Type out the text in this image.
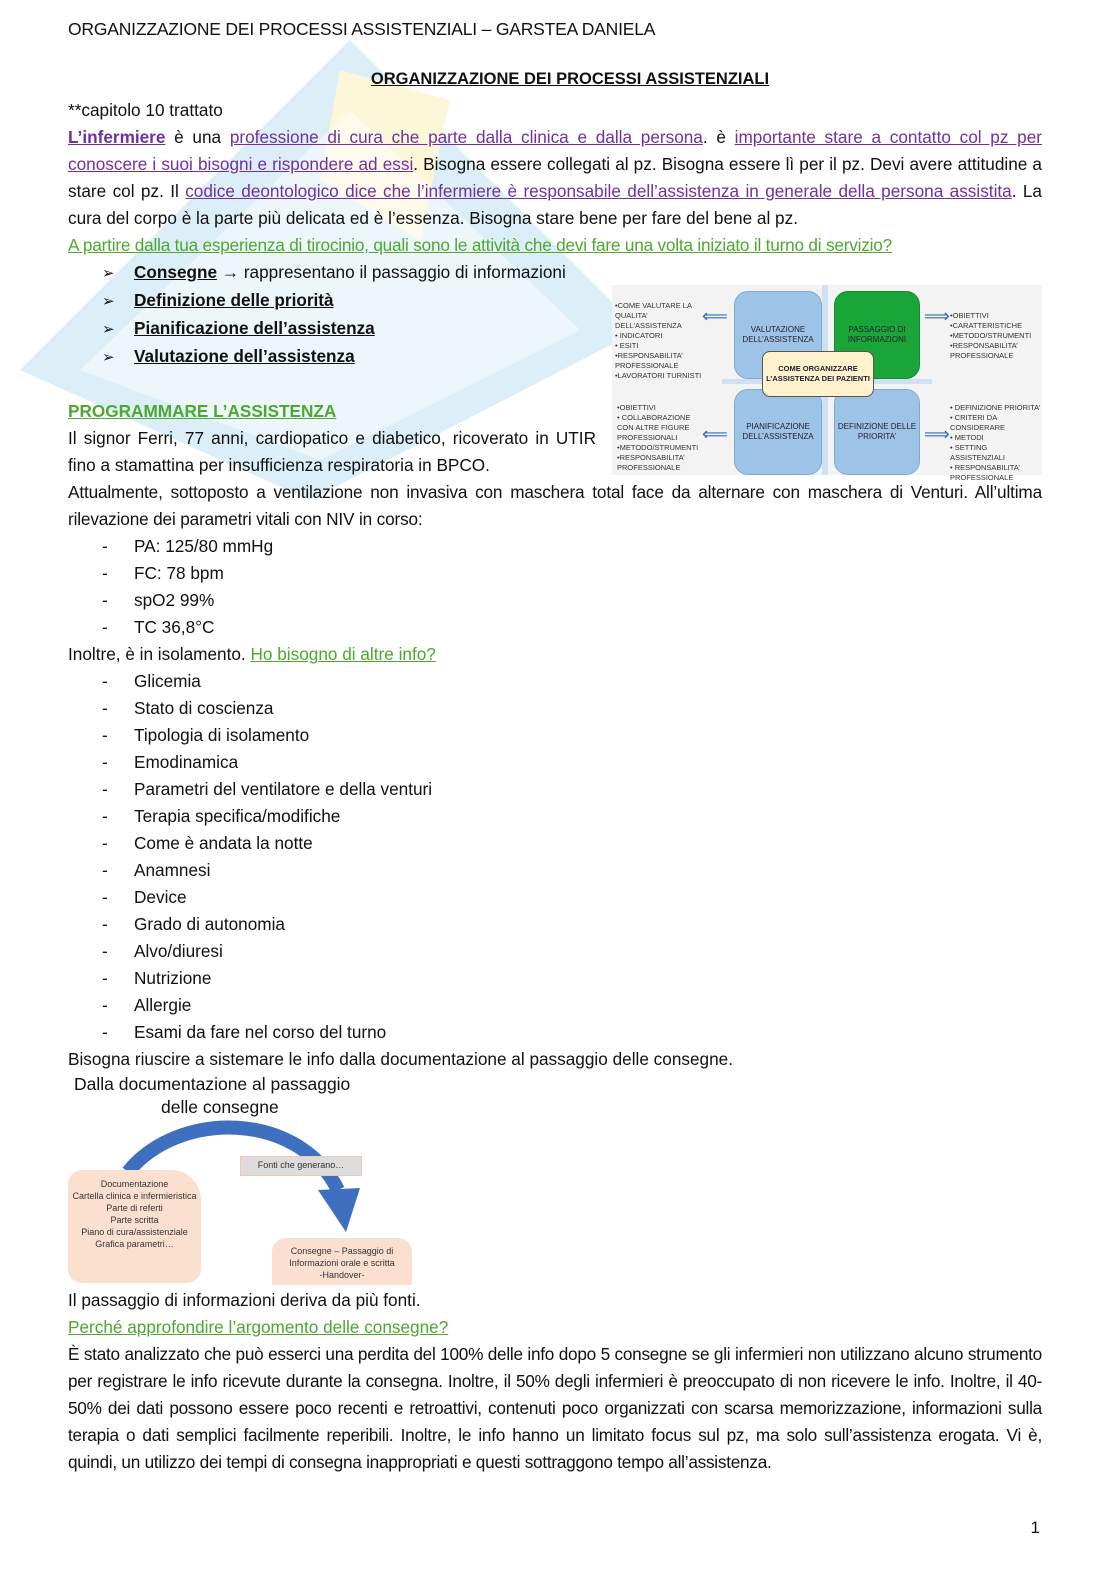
ORGANIZZAZIONE DEI PROCESSI ASSISTENZIALI – GARSTEA DANIELA
ORGANIZZAZIONE DEI PROCESSI ASSISTENZIALI

**capitolo 10 trattato

L’infermiere è una professione di cura che parte dalla clinica e dalla persona. è importante stare a contatto col pz per conoscere i suoi bisogni e rispondere ad essi. Bisogna essere collegati al pz. Bisogna essere lì per il pz. Devi avere attitudine a stare col pz. Il codice deontologico dice che l’infermiere è responsabile dell’assistenza in generale della persona assistita. La cura del corpo è la parte più delicata ed è l’essenza. Bisogna stare bene per fare del bene al pz.

A partire dalla tua esperienza di tirocinio, quali sono le attività che devi fare una volta iniziato il turno di servizio?

➢	Consegne → rappresentano il passaggio di informazioni
➢	Definizione delle priorità
➢	Pianificazione dell’assistenza
➢	Valutazione dell’assistenza

PROGRAMMARE L’ASSISTENZA

Il signor Ferri, 77 anni, cardiopatico e diabetico, ricoverato in UTIR fino a stamattina per insufficienza respiratoria in BPCO.

Attualmente, sottoposto a ventilazione non invasiva con maschera total face da alternare con maschera di Venturi. All’ultima rilevazione dei parametri vitali con NIV in corso:

-	PA: 125/80 mmHg
-	FC: 78 bpm
-	spO2 99%
-	TC 36,8°C

Inoltre, è in isolamento. Ho bisogno di altre info?

-	Glicemia
-	Stato di coscienza
-	Tipologia di isolamento
-	Emodinamica
-	Parametri del ventilatore e della venturi
-	Terapia specifica/modifiche
-	Come è andata la notte
-	Anamnesi
-	Device
-	Grado di autonomia
-	Alvo/diuresi
-	Nutrizione
-	Allergie
-	Esami da fare nel corso del turno

Bisogna riuscire a sistemare le info dalla documentazione al passaggio delle consegne.

Dalla documentazione al passaggio
delle consegne
VALUTAZIONE DELL’ASSISTENZA
PASSAGGIO DI INFORMAZIONI
PIANIFICAZIONE DELL’ASSISTENZA
DEFINIZIONE DELLE PRIORITA’
COME ORGANIZZARE L’ASSISTENZA DEI PAZIENTI
⟸
⟸
⟹
⟹
•COME VALUTARE LA QUALITA’ DELL’ASSISTENZA
• INDICATORI
• ESITI
•RESPONSABILITA’ PROFESSIONALE
•LAVORATORI TURNISTI
•OBIETTIVI
• COLLABORAZIONE CON ALTRE FIGURE PROFESSIONALI
•METODO/STRUMENTI
•RESPONSABILITA’ PROFESSIONALE
•OBIETTIVI
•CARATTERISTICHE
•METODO/STRUMENTI
•RESPONSABILITA’ PROFESSIONALE
• DEFINIZIONE PRIORITA’
• CRITERI DA CONSIDERARE
• METODI
• SETTING ASSISTENZIALI
• RESPONSABILITA’ PROFESSIONALE
Documentazione
Cartella clinica e infermieristica
Parte di referti
Parte scritta
Piano di cura/assistenziale
Grafica parametri…
Fonti che generano…
Consegne – Passaggio di Informazioni orale e scritta
-Handover-

Il passaggio di informazioni deriva da più fonti.

Perché approfondire l’argomento delle consegne?

È stato analizzato che può esserci una perdita del 100% delle info dopo 5 consegne se gli infermieri non utilizzano alcuno strumento per registrare le info ricevute durante la consegna. Inoltre, il 50% degli infermieri è preoccupato di non ricevere le info. Inoltre, il 40-50% dei dati possono essere poco recenti e retroattivi, contenuti poco organizzati con scarsa memorizzazione, informazioni sulla terapia o dati semplici facilmente reperibili. Inoltre, le info hanno un limitato focus sul pz, ma solo sull’assistenza erogata. Vi è, quindi, un utilizzo dei tempi di consegna inappropriati e questi sottraggono tempo all’assistenza.

1
